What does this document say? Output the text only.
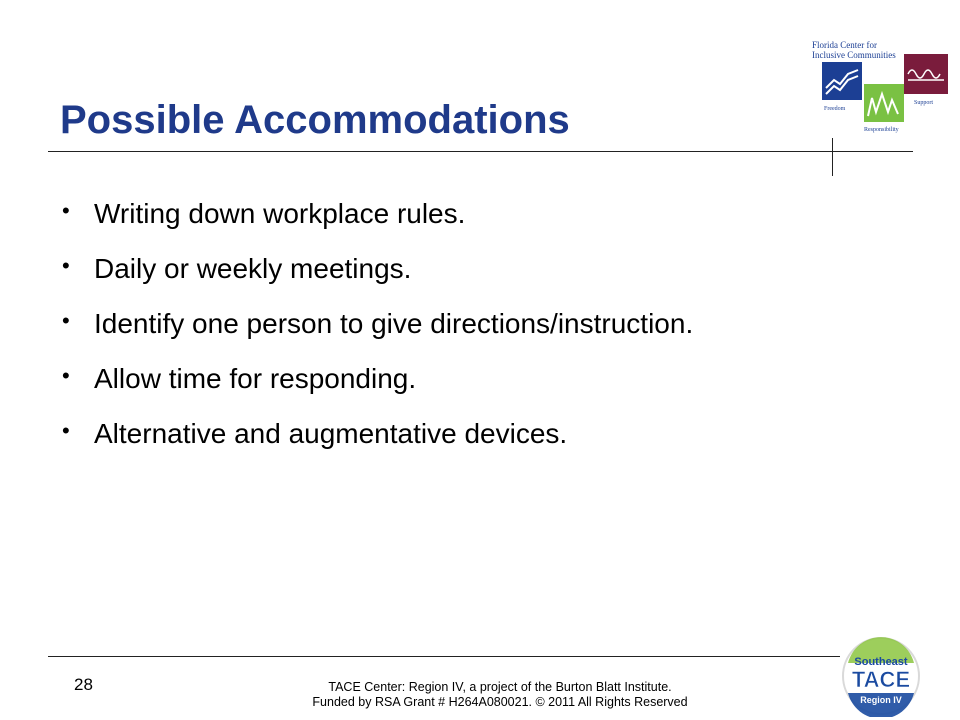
Possible Accommodations
Florida Center for
Inclusive Communities
Freedom
Support
Responsibility
• Writing down workplace rules.
• Daily or weekly meetings.
• Identify one person to give directions/instruction.
• Allow time for responding.
• Alternative and augmentative devices.
28	TACE Center: Region IV, a project of the Burton Blatt Institute.
Funded by RSA Grant # H264A080021. © 2011 All Rights Reserved
Southeast
TACE
Region IV
